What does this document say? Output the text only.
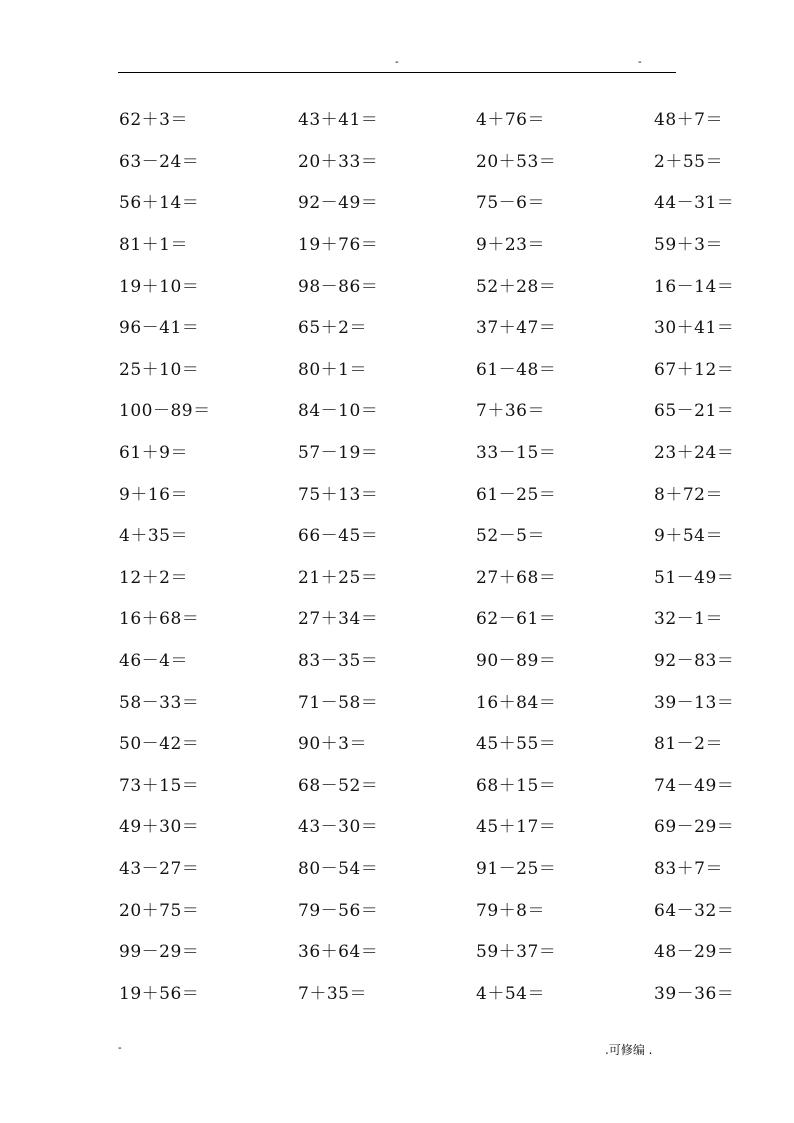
-	-
62＋3＝	43＋41＝	4＋76＝	48＋7＝
63－24＝	20＋33＝	20＋53＝	2＋55＝
56＋14＝	92－49＝	75－6＝	44－31＝
81＋1＝	19＋76＝	9＋23＝	59＋3＝
19＋10＝	98－86＝	52＋28＝	16－14＝
96－41＝	65＋2＝	37＋47＝	30＋41＝
25＋10＝	80＋1＝	61－48＝	67＋12＝
100－89＝	84－10＝	7＋36＝	65－21＝
61＋9＝	57－19＝	33－15＝	23＋24＝
9＋16＝	75＋13＝	61－25＝	8＋72＝
4＋35＝	66－45＝	52－5＝	9＋54＝
12＋2＝	21＋25＝	27＋68＝	51－49＝
16＋68＝	27＋34＝	62－61＝	32－1＝
46－4＝	83－35＝	90－89＝	92－83＝
58－33＝	71－58＝	16＋84＝	39－13＝
50－42＝	90＋3＝	45＋55＝	81－2＝
73＋15＝	68－52＝	68＋15＝	74－49＝
49＋30＝	43－30＝	45＋17＝	69－29＝
43－27＝	80－54＝	91－25＝	83＋7＝
20＋75＝	79－56＝	79＋8＝	64－32＝
99－29＝	36＋64＝	59＋37＝	48－29＝
19＋56＝	7＋35＝	4＋54＝	39－36＝
-	.可修编 .
